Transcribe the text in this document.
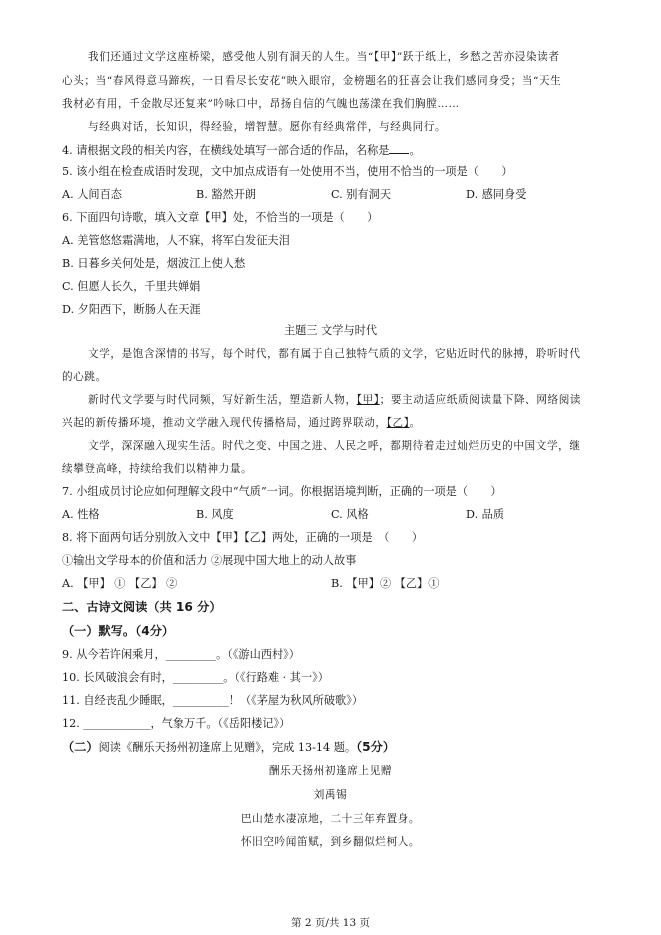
我们还通过文学这座桥梁，感受他人别有洞天的人生。当“【甲】”跃于纸上，乡愁之苦亦浸染读者
心头；当“春风得意马蹄疾，一日看尽长安花”映入眼帘，金榜题名的狂喜会让我们感同身受；当“天生
我材必有用，千金散尽还复来”吟咏口中，昂扬自信的气魄也荡漾在我们胸膛……
与经典对话，长知识，得经验，增智慧。愿你有经典常伴，与经典同行。
4. 请根据文段的相关内容，在横线处填写一部合适的作品，名称是 。
5. 该小组在检查成语时发现，文中加点成语有一处使用不当，使用不恰当的一项是（　　）
A. 人间百态	B. 豁然开朗	C. 别有洞天	D. 感同身受
6. 下面四句诗歌，填入文章【甲】处，不恰当的一项是（　　）
A. 羌管悠悠霜满地，人不寐，将军白发征夫泪
B. 日暮乡关何处是，烟波江上使人愁
C. 但愿人长久，千里共婵娟
D. 夕阳西下，断肠人在天涯
主题三 文学与时代
文学，是饱含深情的书写，每个时代，都有属于自己独特气质的文学，它贴近时代的脉搏，聆听时代
的心跳。
新时代文学要与时代同频，写好新生活，塑造新人物，【甲】；要主动适应纸质阅读量下降、网络阅读
兴起的新传播环境，推动文学融入现代传播格局，通过跨界联动，【乙】。
文学，深深融入现实生活。时代之变、中国之进、人民之呼，都期待着走过灿烂历史的中国文学，继
续攀登高峰，持续给我们以精神力量。
7. 小组成员讨论应如何理解文段中“气质”一词。你根据语境判断，正确的一项是（　　）
A. 性格	B. 风度	C. 风格	D. 品质
8. 将下面两句话分别放入文中【甲】【乙】两处，正确的一项是　（　　）
①输出文学母本的价值和活力 ②展现中国大地上的动人故事
A. 【甲】 ① 【乙】 ②	B. 【甲】② 【乙】①
二、古诗文阅读（共 16 分）
（一）默写。（4分）
9. 从今若许闲乘月，_________。（《游山西村》）
10. 长风破浪会有时，_________。（《行路难 · 其一》）
11. 自经丧乱少睡眠，__________！（《茅屋为秋风所破歌》）
12. ____________，气象万千。（《岳阳楼记》）
（二）阅读《酬乐天扬州初逢席上见赠》，完成 13-14 题。（5分）
酬乐天扬州初逢席上见赠
刘禹锡
巴山楚水凄凉地，二十三年弃置身。
怀旧空吟闻笛赋，到乡翻似烂柯人。
第 2 页/共 13 页
